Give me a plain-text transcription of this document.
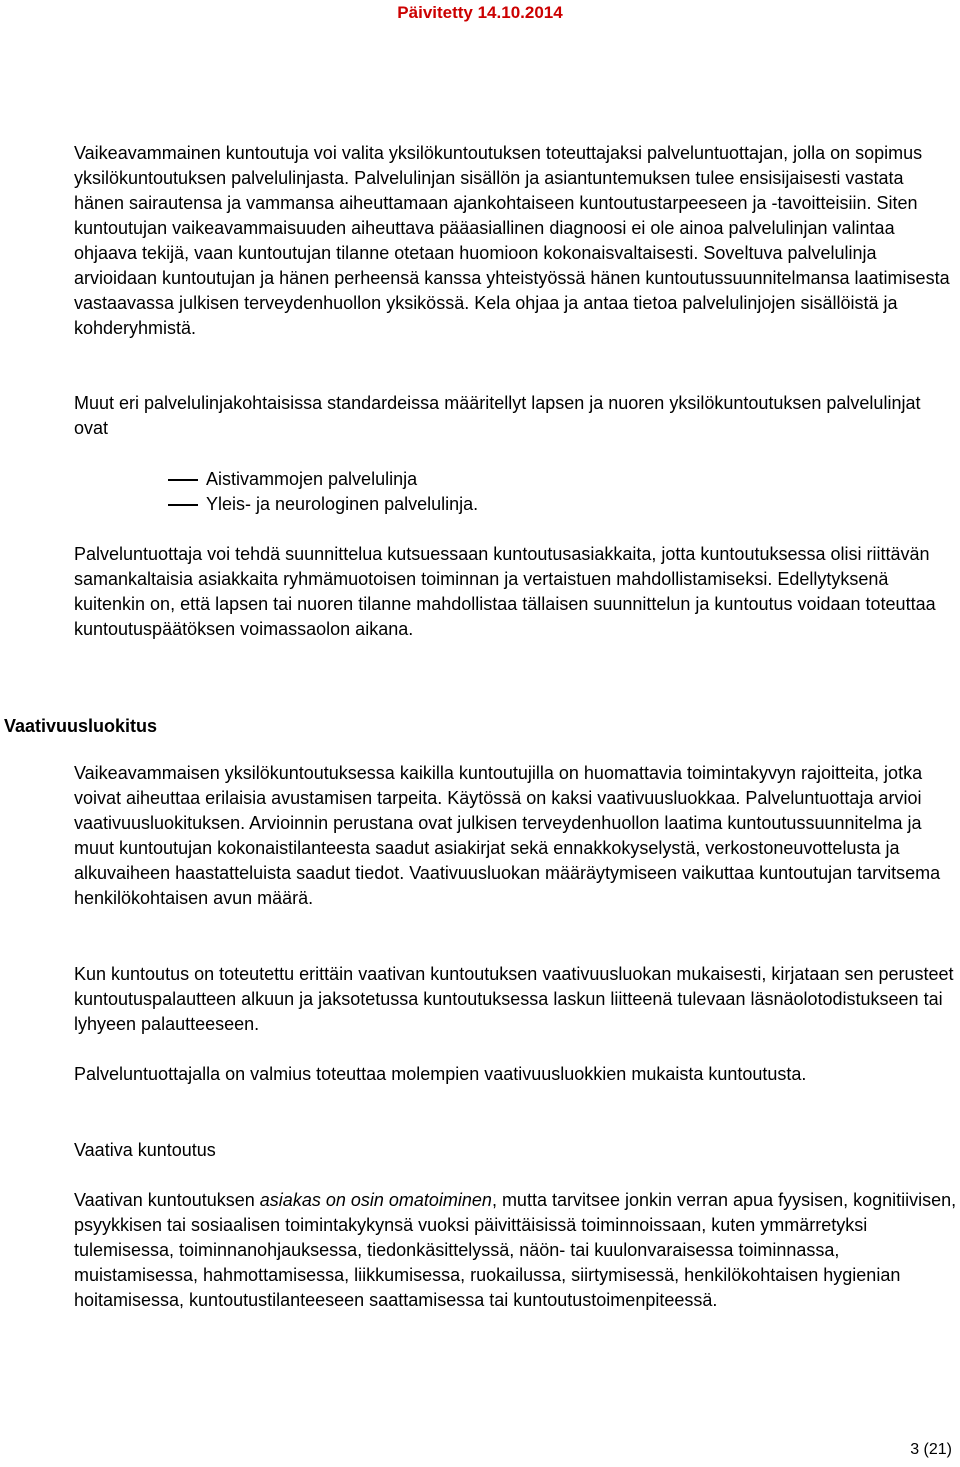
Päivitetty 14.10.2014

Vaikeavammainen kuntoutuja voi valita yksilökuntoutuksen toteuttajaksi palveluntuottajan, jolla on sopimus yksilökuntoutuksen palvelulinjasta. Palvelulinjan sisällön ja asiantuntemuksen tulee ensisijaisesti vastata hänen sairautensa ja vammansa aiheuttamaan ajankohtaiseen kuntoutustarpeeseen ja -tavoitteisiin. Siten kuntoutujan vaikeavammaisuuden aiheuttava pääasiallinen diagnoosi ei ole ainoa palvelulinjan valintaa ohjaava tekijä, vaan kuntoutujan tilanne otetaan huomioon kokonaisvaltaisesti. Soveltuva palvelulinja arvioidaan kuntoutujan ja hänen perheensä kanssa yhteistyössä hänen kuntoutussuunnitelmansa laatimisesta vastaavassa julkisen terveydenhuollon yksikössä. Kela ohjaa ja antaa tietoa palvelulinjojen sisällöistä ja kohderyhmistä.

Muut eri palvelulinjakohtaisissa standardeissa määritellyt lapsen ja nuoren yksilökuntoutuksen palvelulinjat ovat

Aistivammojen palvelulinja
Yleis- ja neurologinen palvelulinja.

Palveluntuottaja voi tehdä suunnittelua kutsuessaan kuntoutusasiakkaita, jotta kuntoutuksessa olisi riittävän samankaltaisia asiakkaita ryhmämuotoisen toiminnan ja vertaistuen mahdollistamiseksi. Edellytyksenä kuitenkin on, että lapsen tai nuoren tilanne mahdollistaa tällaisen suunnittelun ja kuntoutus voidaan toteuttaa kuntoutuspäätöksen voimassaolon aikana.

Vaativuusluokitus

Vaikeavammaisen yksilökuntoutuksessa kaikilla kuntoutujilla on huomattavia toimintakyvyn rajoitteita, jotka voivat aiheuttaa erilaisia avustamisen tarpeita. Käytössä on kaksi vaativuusluokkaa. Palveluntuottaja arvioi vaativuusluokituksen. Arvioinnin perustana ovat julkisen terveydenhuollon laatima kuntoutussuunnitelma ja muut kuntoutujan kokonaistilanteesta saadut asiakirjat sekä ennakkokyselystä, verkostoneuvottelusta ja alkuvaiheen haastatteluista saadut tiedot. Vaativuusluokan määräytymiseen vaikuttaa kuntoutujan tarvitsema henkilökohtaisen avun määrä.

Kun kuntoutus on toteutettu erittäin vaativan kuntoutuksen vaativuusluokan mukaisesti, kirjataan sen perusteet kuntoutuspalautteen alkuun ja jaksotetussa kuntoutuksessa laskun liitteenä tulevaan läsnäolotodistukseen tai lyhyeen palautteeseen.

Palveluntuottajalla on valmius toteuttaa molempien vaativuusluokkien mukaista kuntoutusta.

Vaativa kuntoutus

Vaativan kuntoutuksen asiakas on osin omatoiminen, mutta tarvitsee jonkin verran apua fyysisen, kognitiivisen, psyykkisen tai sosiaalisen toimintakykynsä vuoksi päivittäisissä toiminnoissaan, kuten ymmärretyksi tulemisessa, toiminnanohjauksessa, tiedonkäsittelyssä, näön- tai kuulonvaraisessa toiminnassa, muistamisessa, hahmottamisessa, liikkumisessa, ruokailussa, siirtymisessä, henkilökohtaisen hygienian hoitamisessa, kuntoutustilanteeseen saattamisessa tai kuntoutustoimenpiteessä.

3 (21)
